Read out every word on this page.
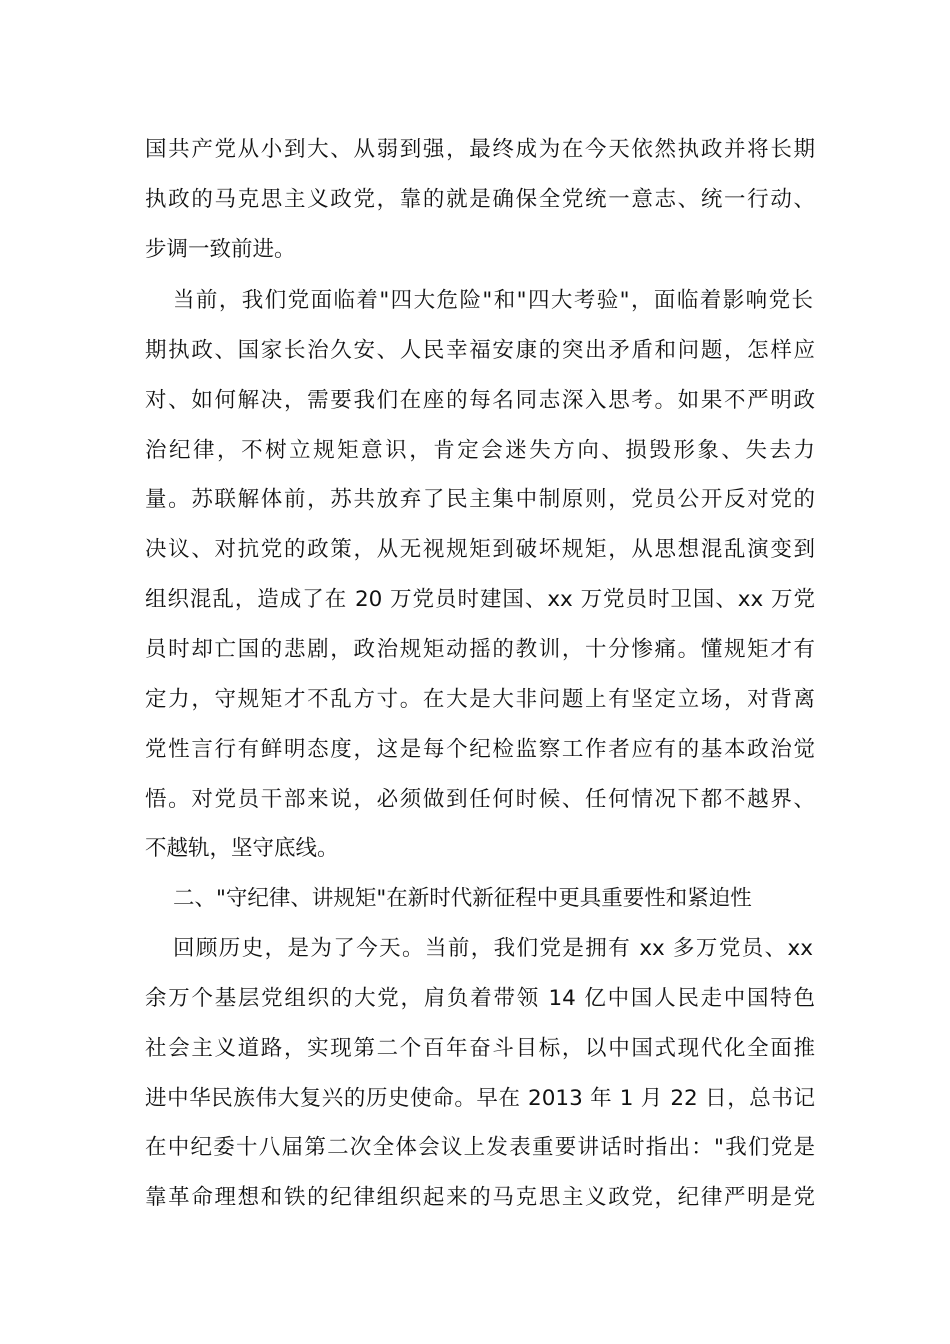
国共产党从小到大、从弱到强，最终成为在今天依然执政并将长期
执政的马克思主义政党，靠的就是确保全党统一意志、统一行动、
步调一致前进。
当前，我们党面临着"四大危险"和"四大考验"，面临着影响党长
期执政、国家长治久安、人民幸福安康的突出矛盾和问题，怎样应
对、如何解决，需要我们在座的每名同志深入思考。如果不严明政
治纪律，不树立规矩意识，肯定会迷失方向、损毁形象、失去力
量。苏联解体前，苏共放弃了民主集中制原则，党员公开反对党的
决议、对抗党的政策，从无视规矩到破坏规矩，从思想混乱演变到
组织混乱，造成了在 20 万党员时建国、xx 万党员时卫国、xx 万党
员时却亡国的悲剧，政治规矩动摇的教训，十分惨痛。懂规矩才有
定力，守规矩才不乱方寸。在大是大非问题上有坚定立场，对背离
党性言行有鲜明态度，这是每个纪检监察工作者应有的基本政治觉
悟。对党员干部来说，必须做到任何时候、任何情况下都不越界、
不越轨，坚守底线。
二、"守纪律、讲规矩"在新时代新征程中更具重要性和紧迫性
回顾历史，是为了今天。当前，我们党是拥有 xx 多万党员、xx
余万个基层党组织的大党，肩负着带领 14 亿中国人民走中国特色
社会主义道路，实现第二个百年奋斗目标，以中国式现代化全面推
进中华民族伟大复兴的历史使命。早在 2013 年 1 月 22 日，总书记
在中纪委十八届第二次全体会议上发表重要讲话时指出："我们党是
靠革命理想和铁的纪律组织起来的马克思主义政党，纪律严明是党
